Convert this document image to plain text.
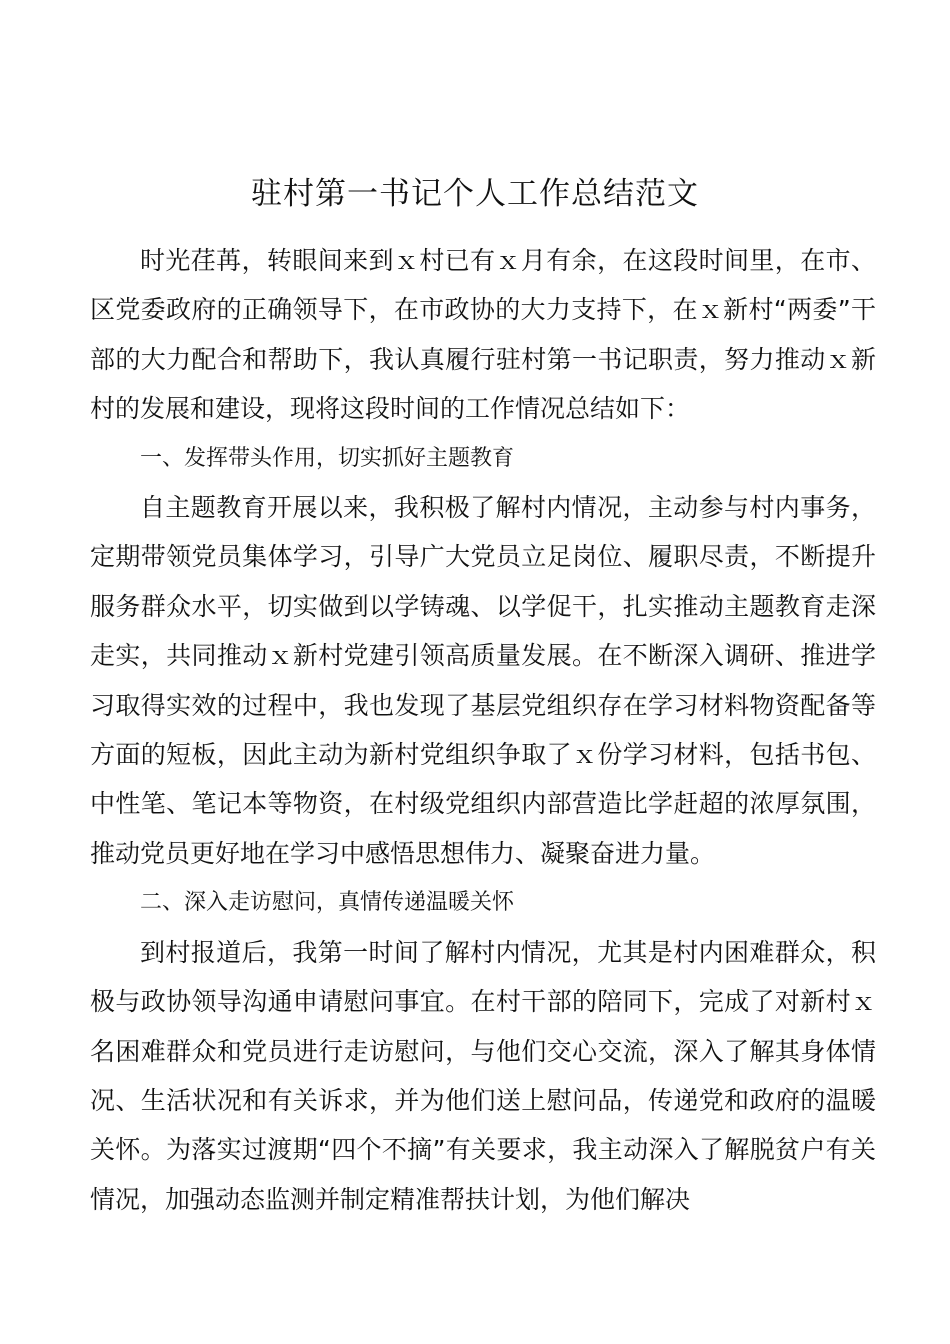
驻村第一书记个人工作总结范文

时光荏苒，转眼间来到ｘ村已有ｘ月有余，在这段时间里，在市、区党委政府的正确领导下，在市政协的大力支持下，在ｘ新村“两委”干部的大力配合和帮助下，我认真履行驻村第一书记职责，努力推动ｘ新村的发展和建设，现将这段时间的工作情况总结如下：

一、发挥带头作用，切实抓好主题教育

自主题教育开展以来，我积极了解村内情况，主动参与村内事务，定期带领党员集体学习，引导广大党员立足岗位、履职尽责，不断提升服务群众水平，切实做到以学铸魂、以学促干，扎实推动主题教育走深走实，共同推动ｘ新村党建引领高质量发展。在不断深入调研、推进学习取得实效的过程中，我也发现了基层党组织存在学习材料物资配备等方面的短板，因此主动为新村党组织争取了ｘ份学习材料，包括书包、中性笔、笔记本等物资，在村级党组织内部营造比学赶超的浓厚氛围，推动党员更好地在学习中感悟思想伟力、凝聚奋进力量。

二、深入走访慰问，真情传递温暖关怀

到村报道后，我第一时间了解村内情况，尤其是村内困难群众，积极与政协领导沟通申请慰问事宜。在村干部的陪同下，完成了对新村ｘ名困难群众和党员进行走访慰问，与他们交心交流，深入了解其身体情况、生活状况和有关诉求，并为他们送上慰问品，传递党和政府的温暖关怀。为落实过渡期“四个不摘”有关要求，我主动深入了解脱贫户有关情况，加强动态监测并制定精准帮扶计划，为他们解决
